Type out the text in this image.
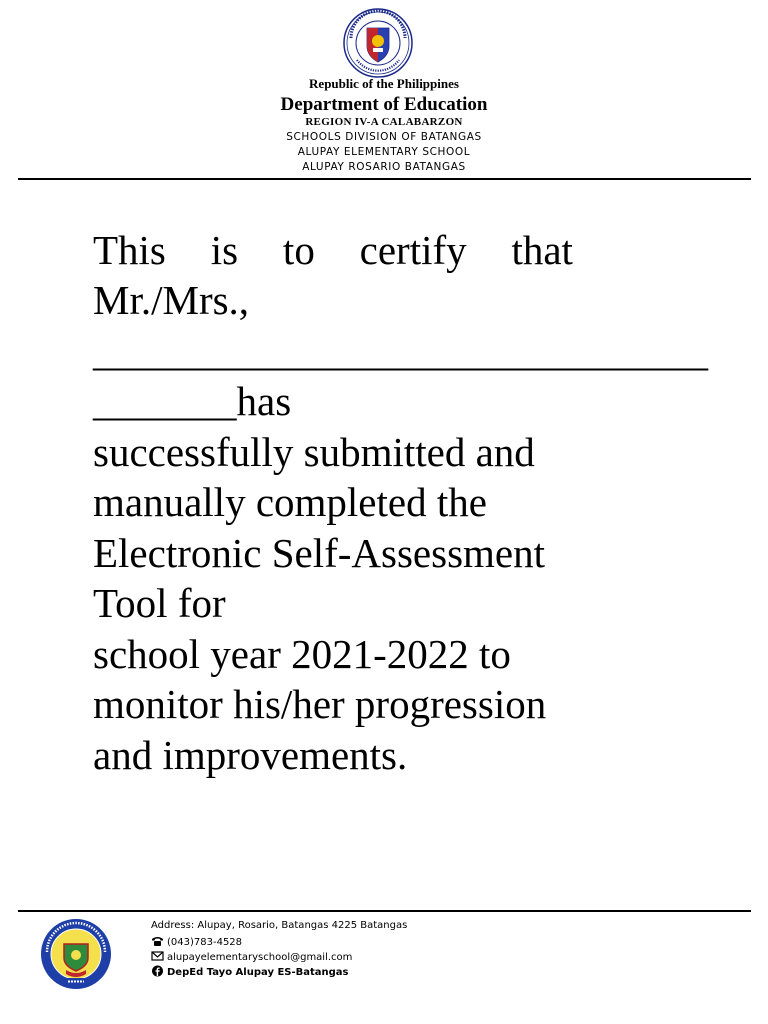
Republic of the Philippines
Department of Education
REGION IV-A CALABARZON
SCHOOLS DIVISION OF BATANGAS
ALUPAY ELEMENTARY SCHOOL
ALUPAY ROSARIO BATANGAS
This is to certify that
Mr./Mrs.,
______________________________
_______has
successfully submitted and
manually completed the
Electronic Self-Assessment
Tool for
school year 2021-2022 to
monitor his/her progression
and improvements.
Address: Alupay, Rosario, Batangas 4225 Batangas
(043)783-4528
alupayelementaryschool@gmail.com
DepEd Tayo Alupay ES-Batangas
